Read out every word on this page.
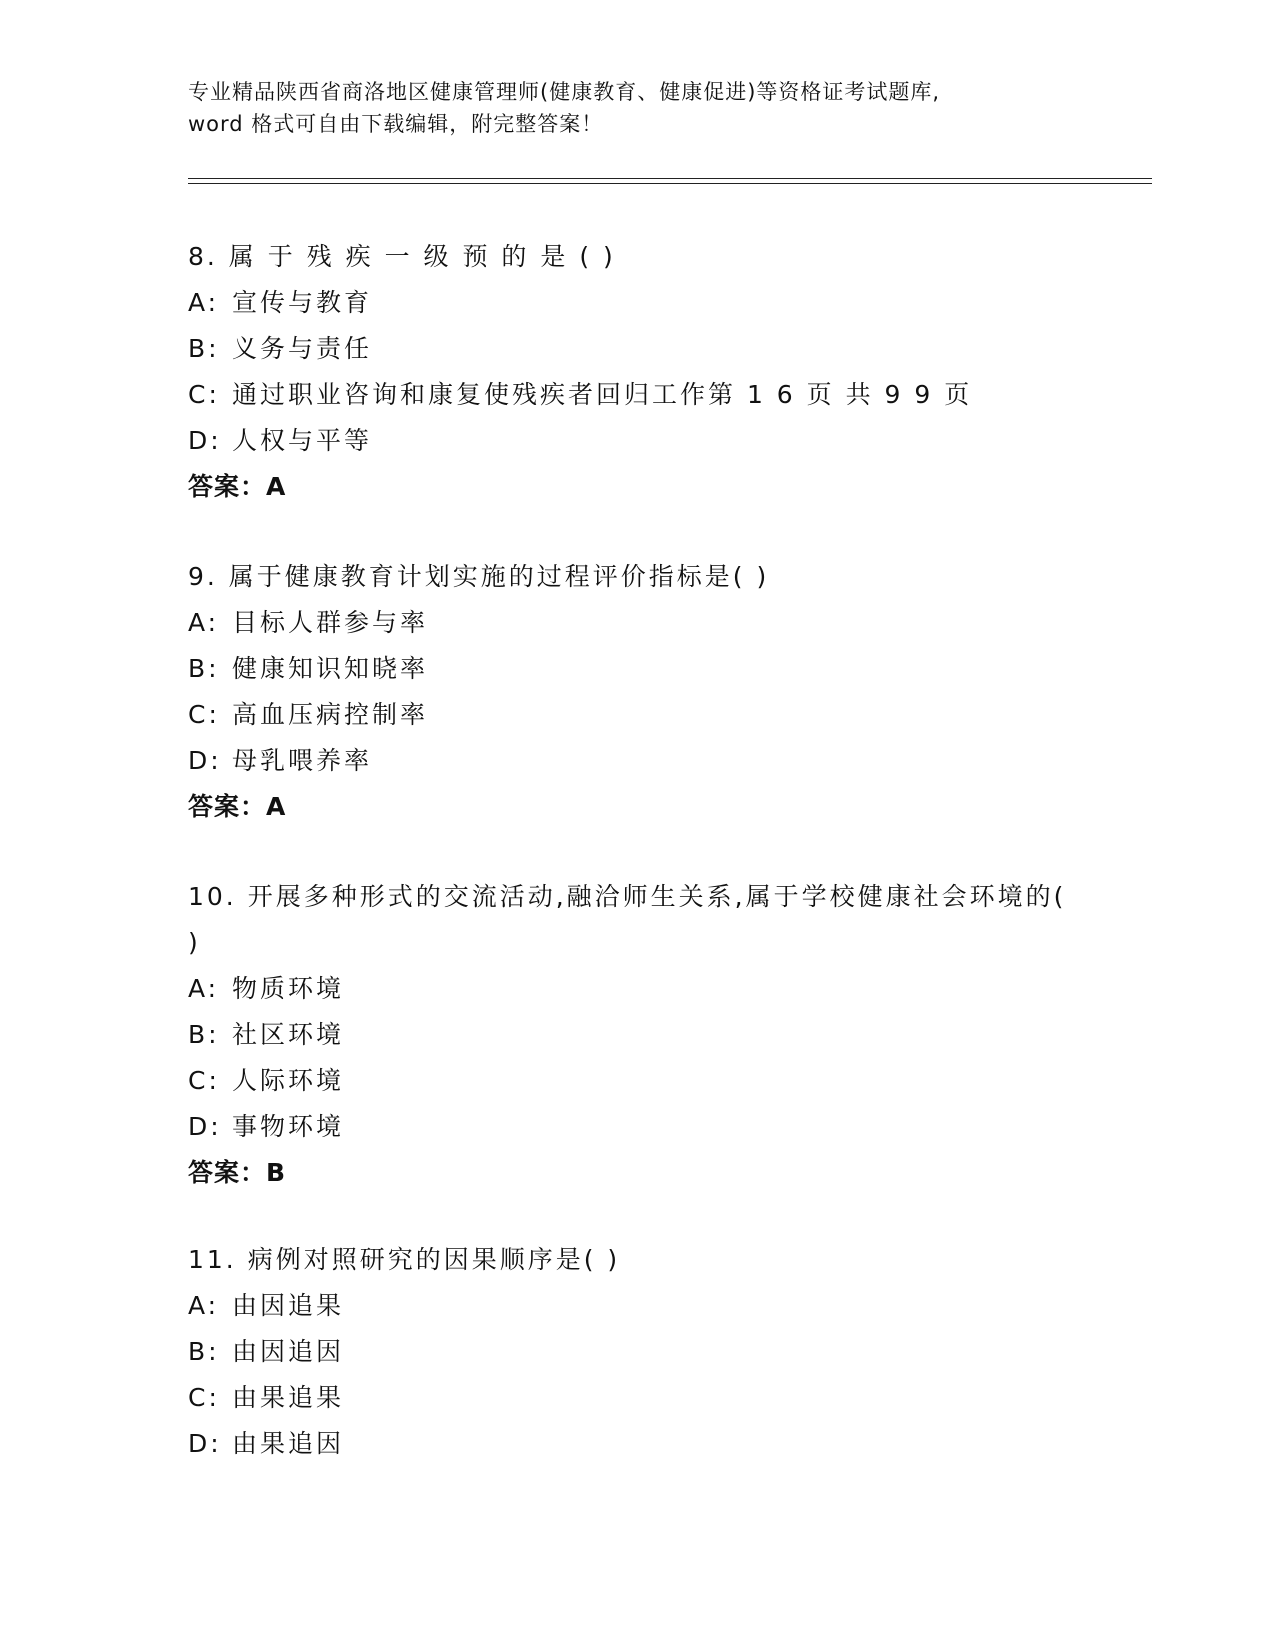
专业精品陕西省商洛地区健康管理师(健康教育、健康促进)等资格证考试题库,
word 格式可自由下载编辑，附完整答案！
8. 属 于 残 疾 一 级 预 的 是 ( )
A: 宣传与教育
B: 义务与责任
C: 通过职业咨询和康复使残疾者回归工作第 1 6 页 共 9 9 页
D: 人权与平等
答案：A
9. 属于健康教育计划实施的过程评价指标是( )
A: 目标人群参与率
B: 健康知识知晓率
C: 高血压病控制率
D: 母乳喂养率
答案：A
10. 开展多种形式的交流活动,融洽师生关系,属于学校健康社会环境的( )
A: 物质环境
B: 社区环境
C: 人际环境
D: 事物环境
答案：B
11. 病例对照研究的因果顺序是( )
A: 由因追果
B: 由因追因
C: 由果追果
D: 由果追因
